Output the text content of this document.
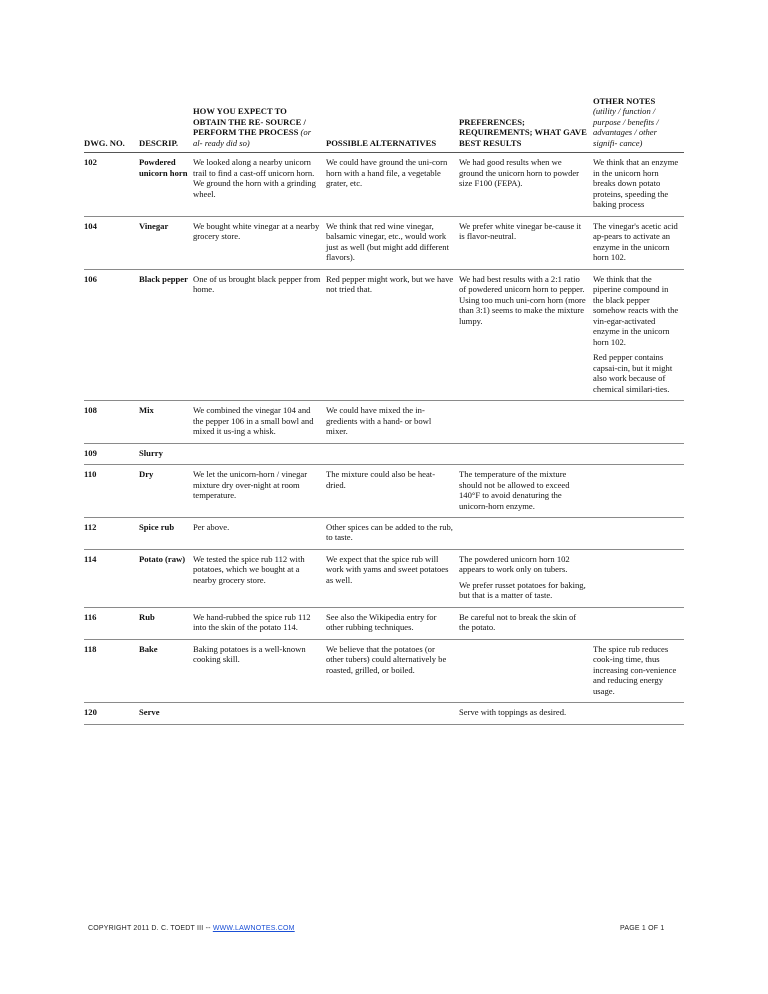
DWG. NO.	DESCRIP.	HOW YOU EXPECT TO OBTAIN THE RE- SOURCE / PERFORM THE PROCESS (or al- ready did so)	POSSIBLE ALTERNATIVES	PREFERENCES; REQUIREMENTS; WHAT GAVE BEST RESULTS	OTHER NOTES  (utility / function / purpose / benefits / advantages / other signifi- cance)
102	Powdered unicorn horn	We looked along a nearby unicorn trail to find a cast-off unicorn horn. We ground the horn with a grinding wheel.	We could have ground the uni-corn horn with a hand file, a vegetable grater, etc.	We had good results when we ground the unicorn horn to powder size F100 (FEPA).	We think that an enzyme in the unicorn horn breaks down potato proteins, speeding the baking process
104	Vinegar	We bought white vinegar at a nearby grocery store.	We think that red wine vinegar, balsamic vinegar, etc., would work just as well (but might add different flavors).	We prefer white vinegar be-cause it is flavor-neutral.	The vinegar's acetic acid ap-pears to activate an enzyme in the unicorn horn 102.
106	Black pepper	One of us brought black pepper from home.	Red pepper might work, but we have not tried that.	We had best results with a 2:1 ratio of powdered unicorn horn to pepper. Using too much uni-corn horn (more than 3:1) seems to make the mixture lumpy.	We think that the piperine compound in the black pepper somehow reacts with the vin-egar-activated enzyme in the unicorn horn 102.

Red pepper contains capsai-cin, but it might also work because of chemical similari-ties.

108	Mix	We combined the vinegar 104 and the pepper 106 in a small bowl and mixed it us-ing a whisk.	We could have mixed the in-gredients with a hand- or bowl mixer.		
109	Slurry				
110	Dry	We let the unicorn-horn / vinegar mixture dry over-night at room temperature.	The mixture could also be heat-dried.	The temperature of the mixture should not be allowed to exceed 140°F to avoid denaturing the unicorn-horn enzyme.	
112	Spice rub	Per above.	Other spices can be added to the rub, to taste.		
114	Potato (raw)	We tested the spice rub 112 with potatoes, which we bought at a nearby grocery store.	We expect that the spice rub will work with yams and sweet potatoes as well.	The powdered unicorn horn 102 appears to work only on tubers.

We prefer russet potatoes for baking, but that is a matter of taste.	

116	Rub	We hand-rubbed the spice rub 112 into the skin of the potato 114.	See also the Wikipedia entry for other rubbing techniques.	Be careful not to break the skin of the potato.	
118	Bake	Baking potatoes is a well-known cooking skill.	We believe that the potatoes (or other tubers) could alternatively be roasted, grilled, or boiled.		The spice rub reduces cook-ing time, thus increasing con-venience and reducing energy usage.
120	Serve			Serve with toppings as desired.	
COPYRIGHT 2011 D. C. TOEDT III -- WWW.LAWNOTES.COM	PAGE 1 OF 1
